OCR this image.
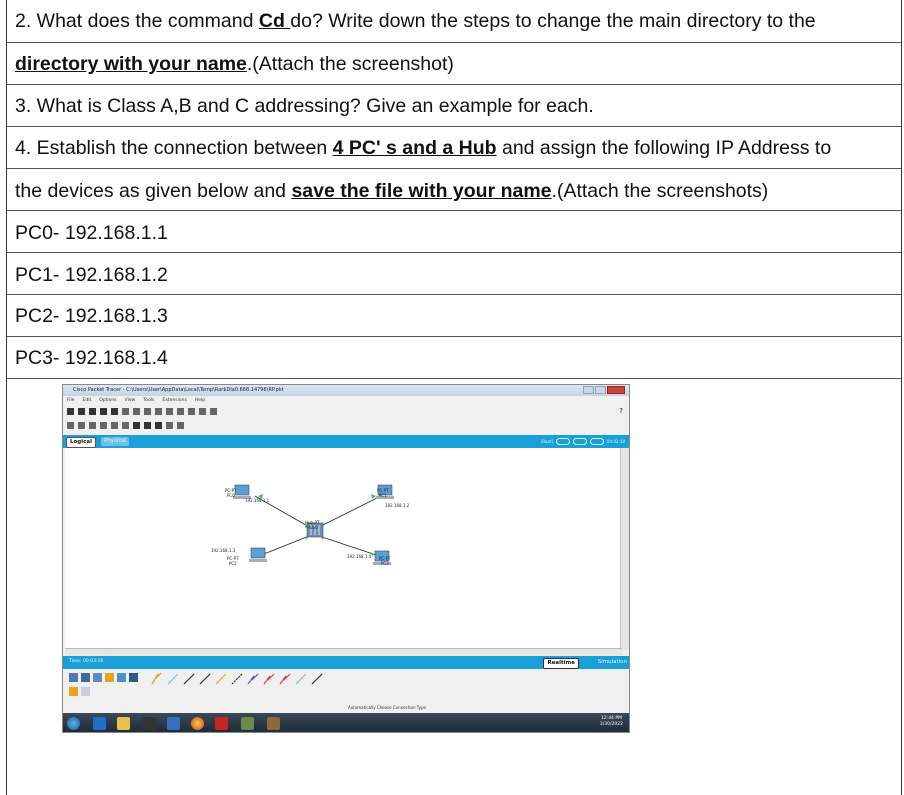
2. What does the command Cd do? Write down the steps to change the main directory to the
directory with your name.(Attach the screenshot)
3. What is Class A,B and C addressing? Give an example for each.
4. Establish the connection between 4 PC' s and a Hub and assign the following IP Address to
the devices as given below and save the file with your name.(Attach the screenshots)
PC0- 192.168.1.1
PC1- 192.168.1.2
PC2- 192.168.1.3
PC3- 192.168.1.4
Cisco Packet Tracer - C:\Users\User\AppData\Local\Temp\Rar$DIa0.668.14796\RP.pkt
File Edit Options View Tools Extensions Help
?
Logical	Physical	[Root]	04:02:38
PC-PT
PC0
192.168.1.1
PC-PT
PC1
192.168.1.2
192.168.1.3
PC-PT
PC2
192.168.1.4 PC-PT
PC3
Hub-PT
Hub0
Time: 00:03:16	Realtime	Simulation
Automatically Choose Connection Type
12:44 PM
3/30/2022
